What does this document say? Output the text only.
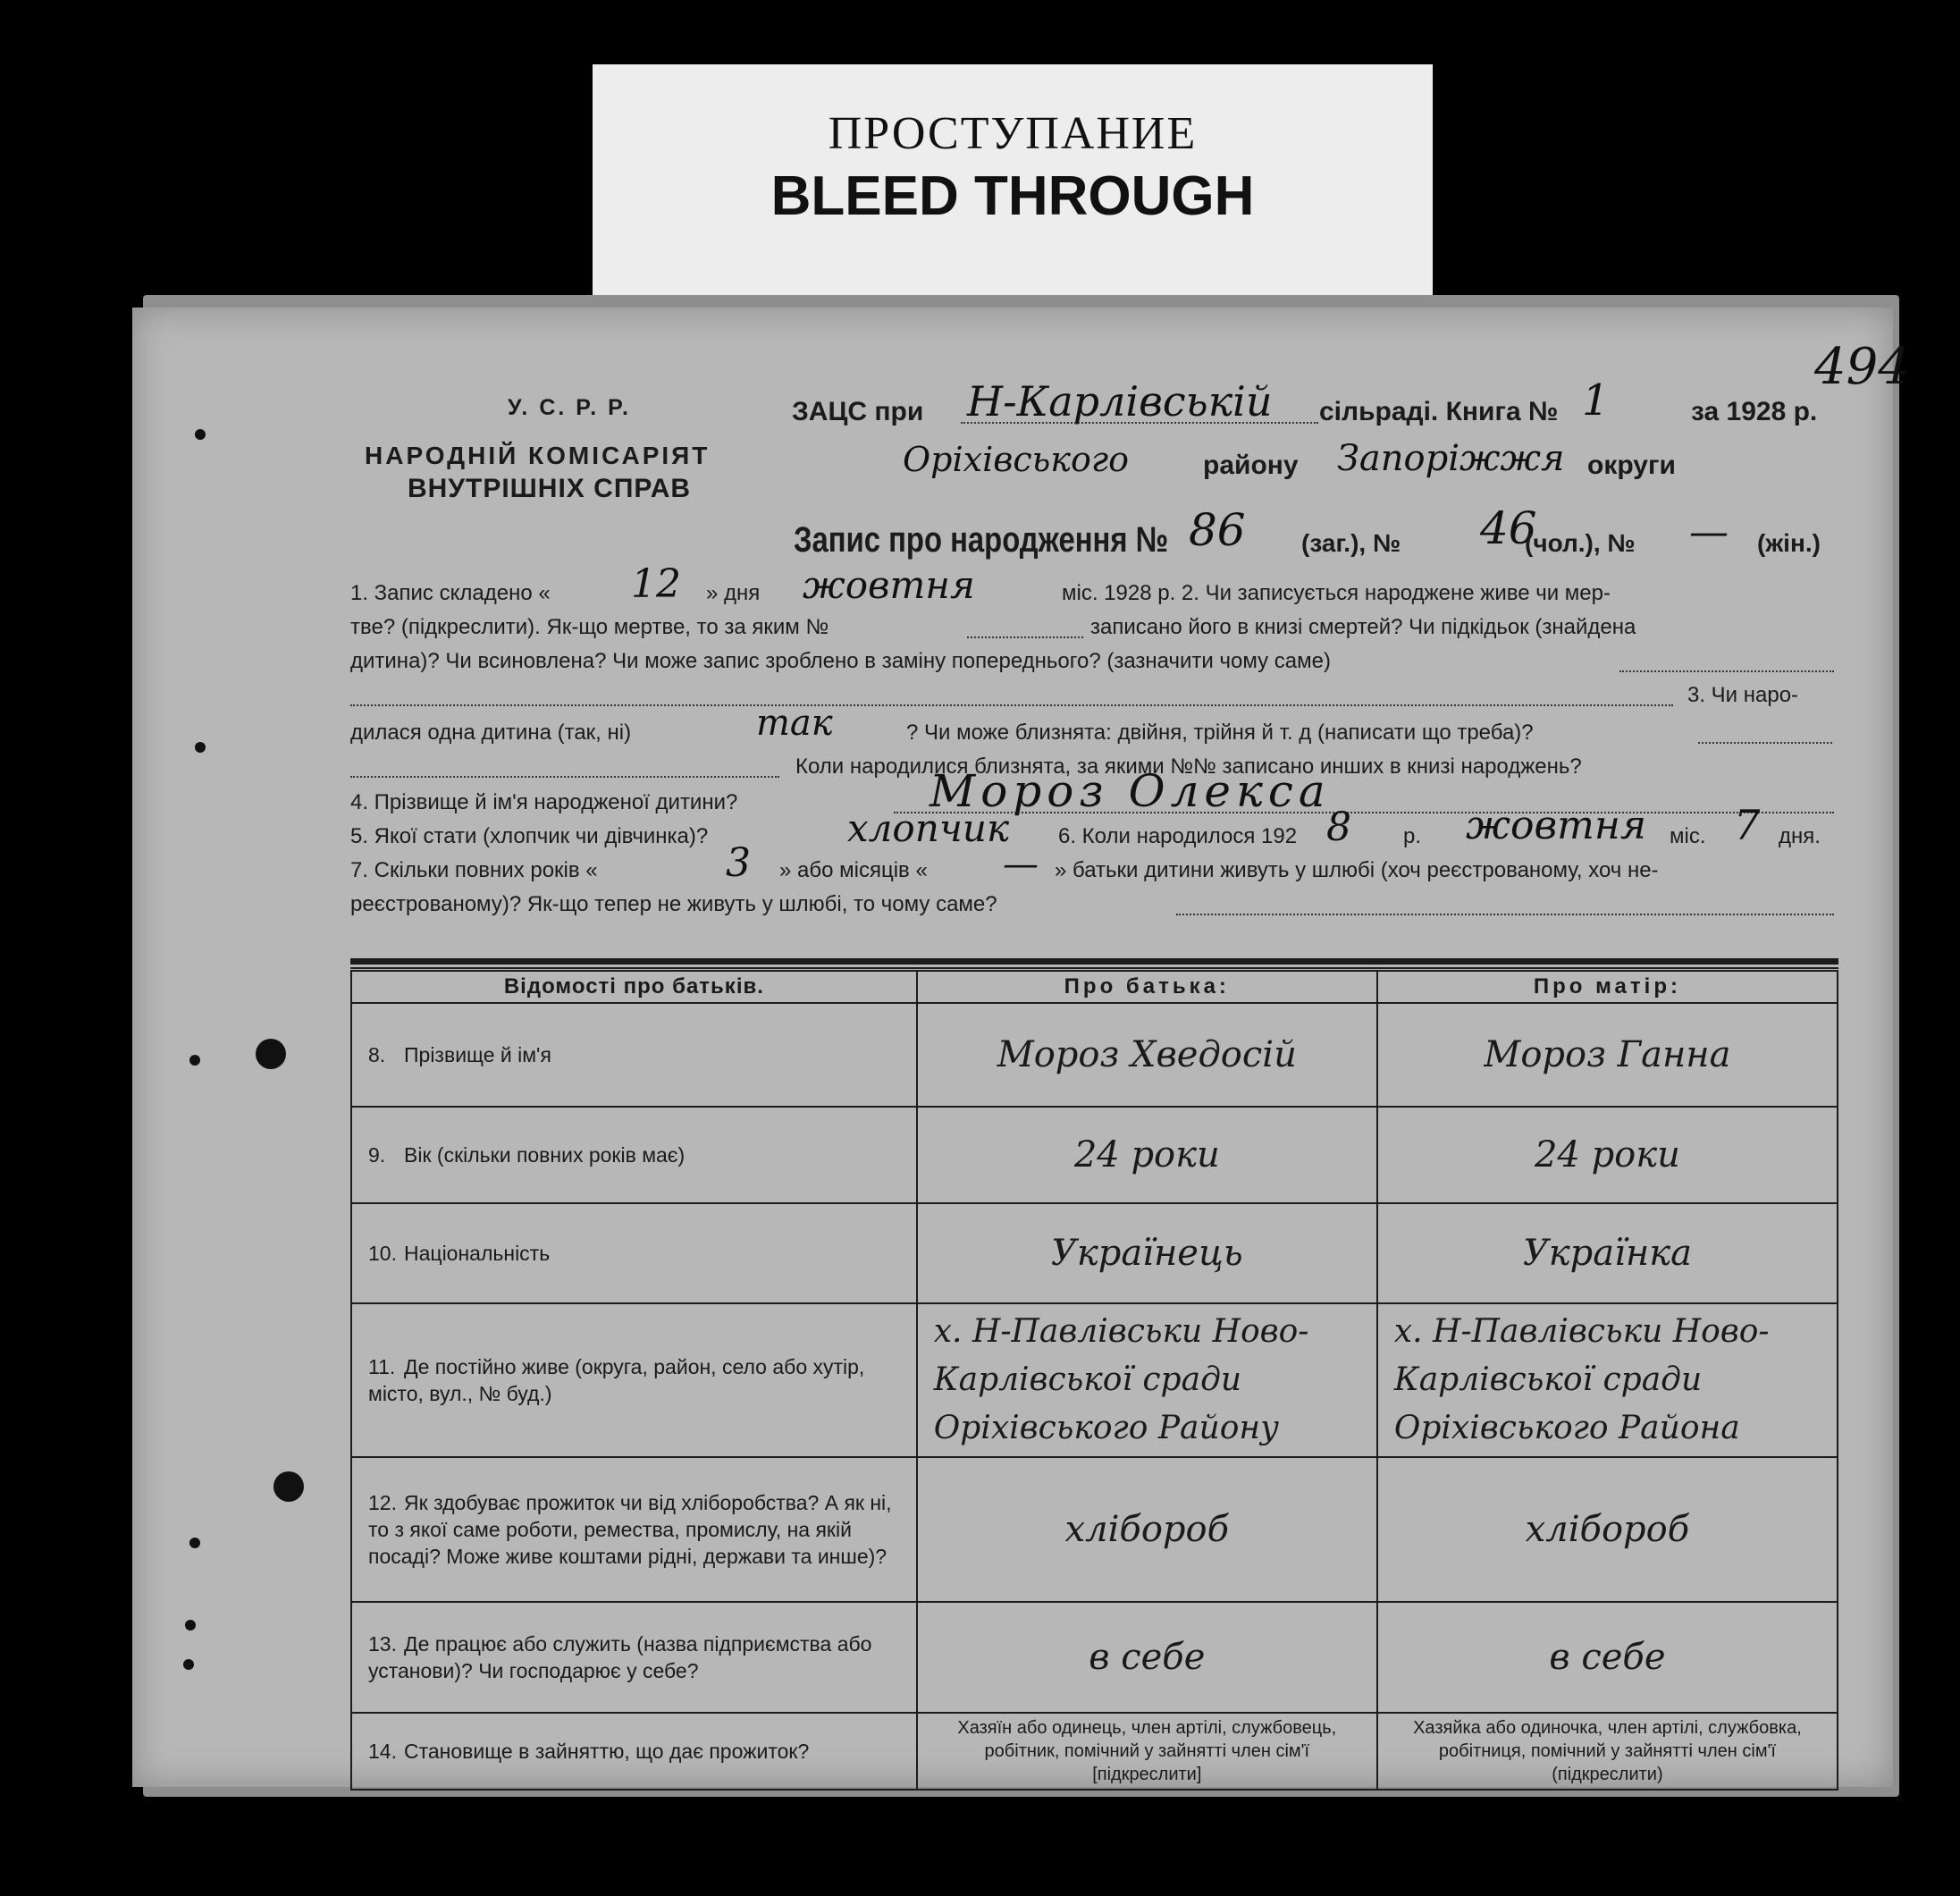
ПРОСТУПАНИЕ
BLEED THROUGH
494
У. С. Р. Р.
НАРОДНІЙ КОМІСАРІЯТ
ВНУТРІШНІХ СПРАВ
ЗАЦС при Н-Карлівській сільраді. Книга № 1	за 1928 р.
Оріхівського	району Запоріжжя округи
Запис про народження № 86 (заг.), № 46
(чол.), № — (жін.)
1. Запис складено « 12 » дня жовтня	міс. 1928 р. 2. Чи записується народжене живе чи мер-
тве? (підкреслити). Як-що мертве, то за яким №	записано його в книзі смертей? Чи підкідьок (знайдена
дитина)? Чи всиновлена? Чи може запис зроблено в заміну попереднього? (зазначити чому саме)
3. Чи наро-
дилася одна дитина (так, ні)	так	? Чи може близнята: двійня, трійня й т. д (написати що треба)?
Коли народилися близнята, за якими №№ записано инших в книзі народжень?
4. Прізвище й ім'я народженої дитини?	Мороз Олекса
5. Якої стати (хлопчик чи дівчинка)?	хлопчик 6. Коли народилося 192 8 р. жовтня міс. 7 дня.
7. Скільки повних років «	3 » або місяців « — » батьки дитини живуть у шлюбі (хоч реєстрованому, хоч не-
реєстрованому)? Як-що тепер не живуть у шлюбі, то чому саме?
Відомості про батьків.	Про батька:	Про матір:
8. Прізвище й ім'я	Мороз Хведосій	Мороз Ганна
9. Вік (скільки повних років має)	24 роки	24 роки
10. Національність	Українець	Українка
11. Де постійно живе (округа, район, село або хутір, місто, вул., № буд.)	х. Н-Павлівськи Ново-Карлівської сради Оріхівського Району	х. Н-Павлівськи Ново-Карлівської сради Оріхівського Района
12. Як здобуває прожиток чи від хліборобства? А як ні, то з якої саме роботи, ремества, промислу, на якій посаді? Може живе коштами рідні, держави та инше)?	хлібороб	хлібороб
13. Де працює або служить (назва підприємства або установи)? Чи господарює у себе?	в себе	в себе
14. Становище в зайняттю, що дає прожиток?	Хазяїн або одинець, член артілі, службовець, робітник, помічний у зайнятті член сім'ї [підкреслити]	Хазяйка або одиночка, член артілі, службовка, робітниця, помічний у зайнятті член сім'ї (підкреслити)
